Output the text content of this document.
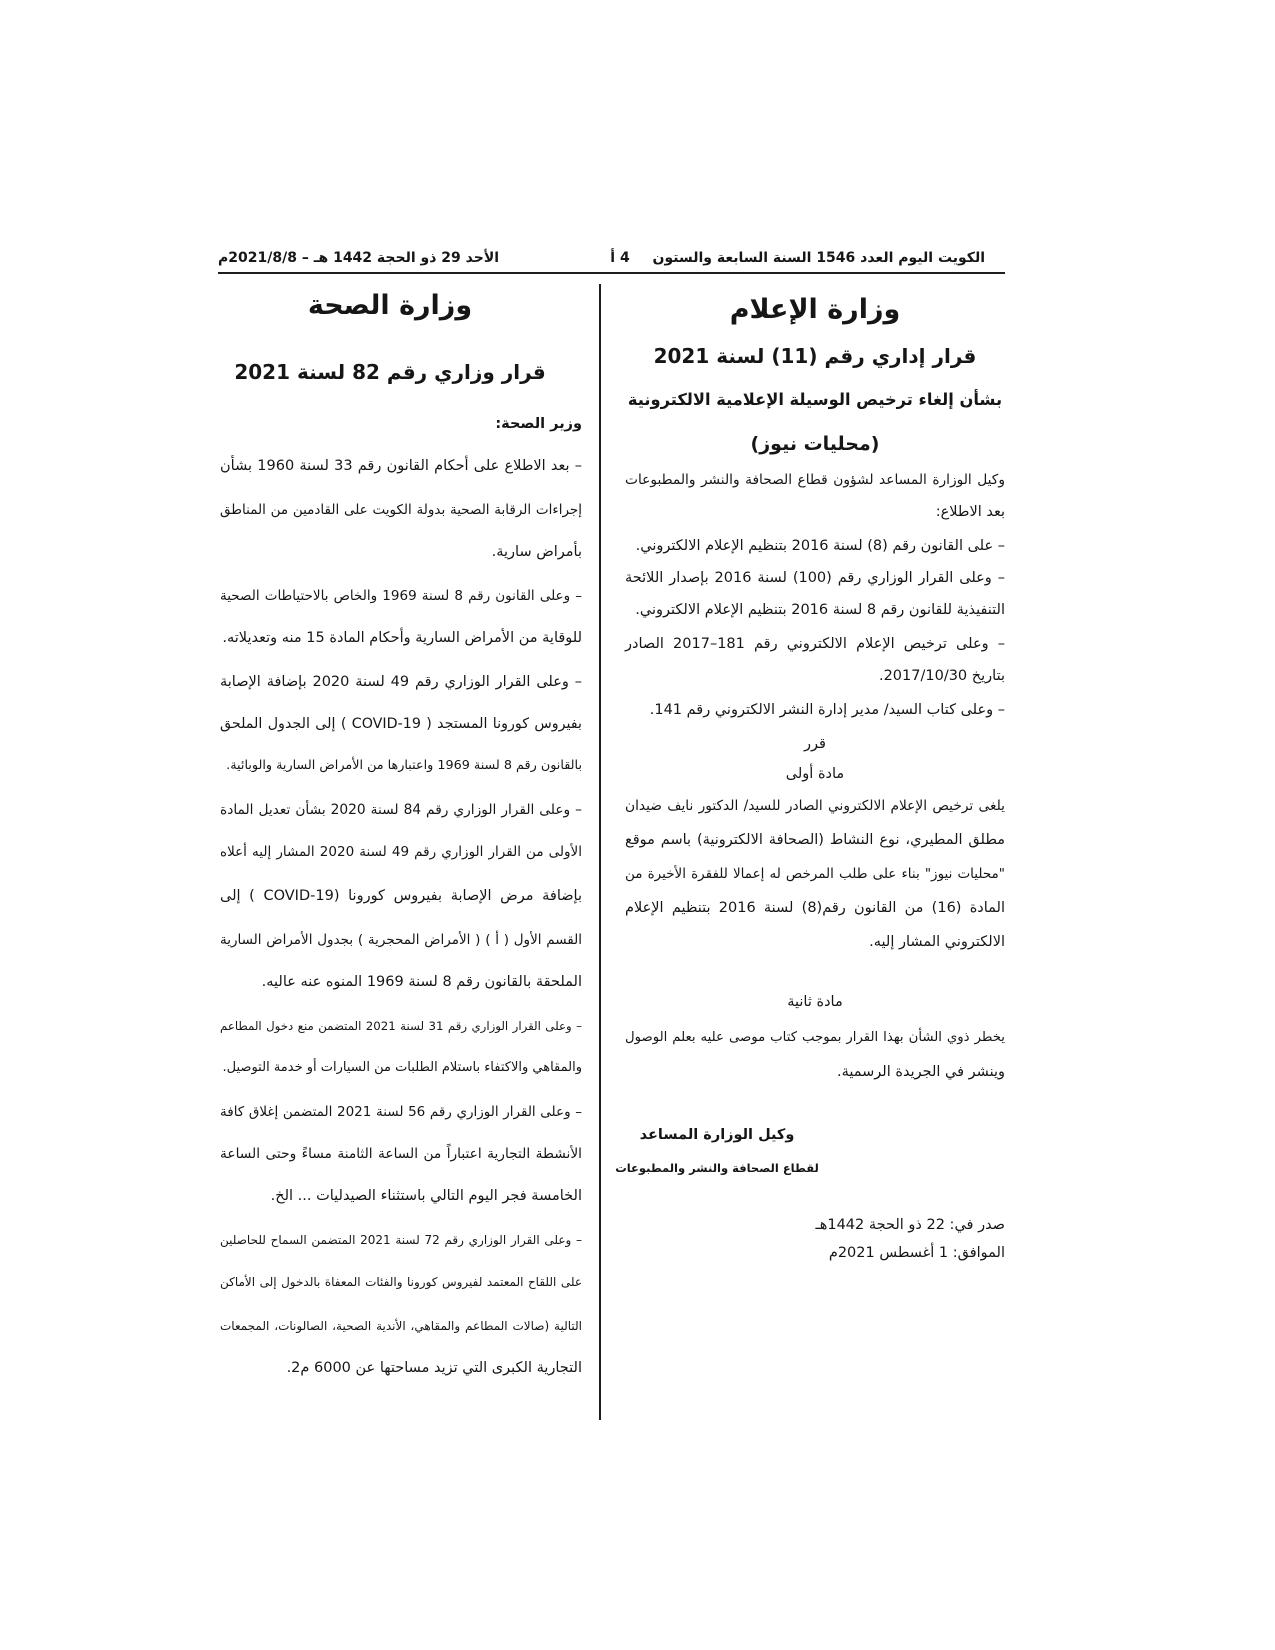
الكويت اليوم العدد 1546 السنة السابعة والستون
4 أ
الأحد 29 ذو الحجة 1442 هـ – 2021/8/8م
وزارة الإعلام
قرار إداري رقم (11) لسنة 2021
بشأن إلغاء ترخيص الوسيلة الإعلامية الالكترونية
(محليات نيوز)
وكيل الوزارة المساعد لشؤون قطاع الصحافة والنشر والمطبوعات
بعد الاطلاع:
– على القانون رقم (8) لسنة 2016 بتنظيم الإعلام الالكتروني.
– وعلى القرار الوزاري رقم (100) لسنة 2016 بإصدار اللائحة
التنفيذية للقانون رقم 8 لسنة 2016 بتنظيم الإعلام الالكتروني.
– وعلى ترخيص الإعلام الالكتروني رقم 181–2017 الصادر
بتاريخ 2017/10/30.
– وعلى كتاب السيد/ مدير إدارة النشر الالكتروني رقم 141.
قرر
مادة أولى
يلغى ترخيص الإعلام الالكتروني الصادر للسيد/ الدكتور نايف ضيدان
مطلق المطيري، نوع النشاط (الصحافة الالكترونية) باسم موقع
"محليات نيوز" بناء على طلب المرخص له إعمالا للفقرة الأخيرة من
المادة (16) من القانون رقم(8) لسنة 2016 بتنظيم الإعلام
الالكتروني المشار إليه.
مادة ثانية
يخطر ذوي الشأن بهذا القرار بموجب كتاب موصى عليه بعلم الوصول
وينشر في الجريدة الرسمية.
وكيل الوزارة المساعد
لقطاع الصحافة والنشر والمطبوعات
صدر في: 22 ذو الحجة 1442هـ
الموافق: 1 أغسطس 2021م
وزارة الصحة
قرار وزاري رقم 82 لسنة 2021
وزير الصحة:
– بعد الاطلاع على أحكام القانون رقم 33 لسنة 1960 بشأن
إجراءات الرقابة الصحية بدولة الكويت على القادمين من المناطق
بأمراض سارية.
– وعلى القانون رقم 8 لسنة 1969 والخاص بالاحتياطات الصحية
للوقاية من الأمراض السارية وأحكام المادة 15 منه وتعديلاته.
– وعلى القرار الوزاري رقم 49 لسنة 2020 بإضافة الإصابة
بفيروس كورونا المستجد ( COVID-19 ) إلى الجدول الملحق
بالقانون رقم 8 لسنة 1969 واعتبارها من الأمراض السارية والوبائية.
– وعلى القرار الوزاري رقم 84 لسنة 2020 بشأن تعديل المادة
الأولى من القرار الوزاري رقم 49 لسنة 2020 المشار إليه أعلاه
بإضافة مرض الإصابة بفيروس كورونا (COVID-19 ) إلى
القسم الأول ( أ ) ( الأمراض المحجرية ) بجدول الأمراض السارية
الملحقة بالقانون رقم 8 لسنة 1969 المنوه عنه عاليه.
– وعلى القرار الوزاري رقم 31 لسنة 2021 المتضمن منع دخول المطاعم
والمقاهي والاكتفاء باستلام الطلبات من السيارات أو خدمة التوصيل.
– وعلى القرار الوزاري رقم 56 لسنة 2021 المتضمن إغلاق كافة
الأنشطة التجارية اعتباراً من الساعة الثامنة مساءً وحتى الساعة
الخامسة فجر اليوم التالي باستثناء الصيدليات ... الخ.
– وعلى القرار الوزاري رقم 72 لسنة 2021 المتضمن السماح للحاصلين
على اللقاح المعتمد لفيروس كورونا والفئات المعفاة بالدخول إلى الأماكن
التالية (صالات المطاعم والمقاهي، الأندية الصحية، الصالونات، المجمعات
التجارية الكبرى التي تزيد مساحتها عن 6000 م2.
